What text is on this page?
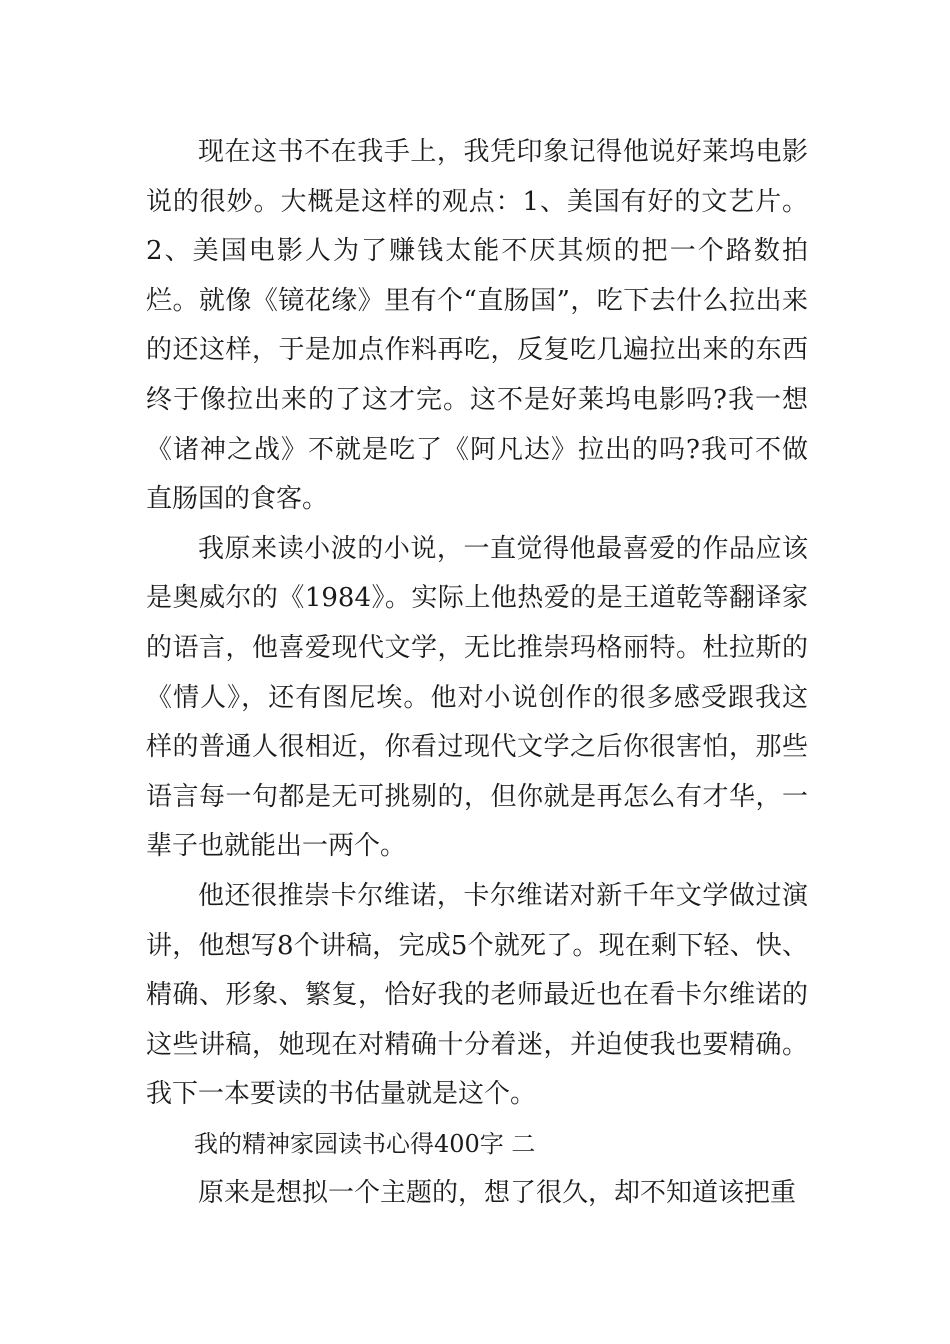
现在这书不在我手上，我凭印象记得他说好莱坞电影说的很妙。大概是这样的观点：1、美国有好的文艺片。2、美国电影人为了赚钱太能不厌其烦的把一个路数拍烂。就像《镜花缘》里有个“直肠国”，吃下去什么拉出来的还这样，于是加点作料再吃，反复吃几遍拉出来的东西终于像拉出来的了这才完。这不是好莱坞电影吗?我一想《诸神之战》不就是吃了《阿凡达》拉出的吗?我可不做直肠国的食客。

我原来读小波的小说，一直觉得他最喜爱的作品应该是奥威尔的《1984》。实际上他热爱的是王道乾等翻译家的语言，他喜爱现代文学，无比推崇玛格丽特。杜拉斯的《情人》，还有图尼埃。他对小说创作的很多感受跟我这样的普通人很相近，你看过现代文学之后你很害怕，那些语言每一句都是无可挑剔的，但你就是再怎么有才华，一辈子也就能出一两个。

他还很推崇卡尔维诺，卡尔维诺对新千年文学做过演讲，他想写8个讲稿，完成5个就死了。现在剩下轻、快、精确、形象、繁复，恰好我的老师最近也在看卡尔维诺的这些讲稿，她现在对精确十分着迷，并迫使我也要精确。我下一本要读的书估量就是这个。

我的精神家园读书心得400字 二

原来是想拟一个主题的，想了很久，却不知道该把重
